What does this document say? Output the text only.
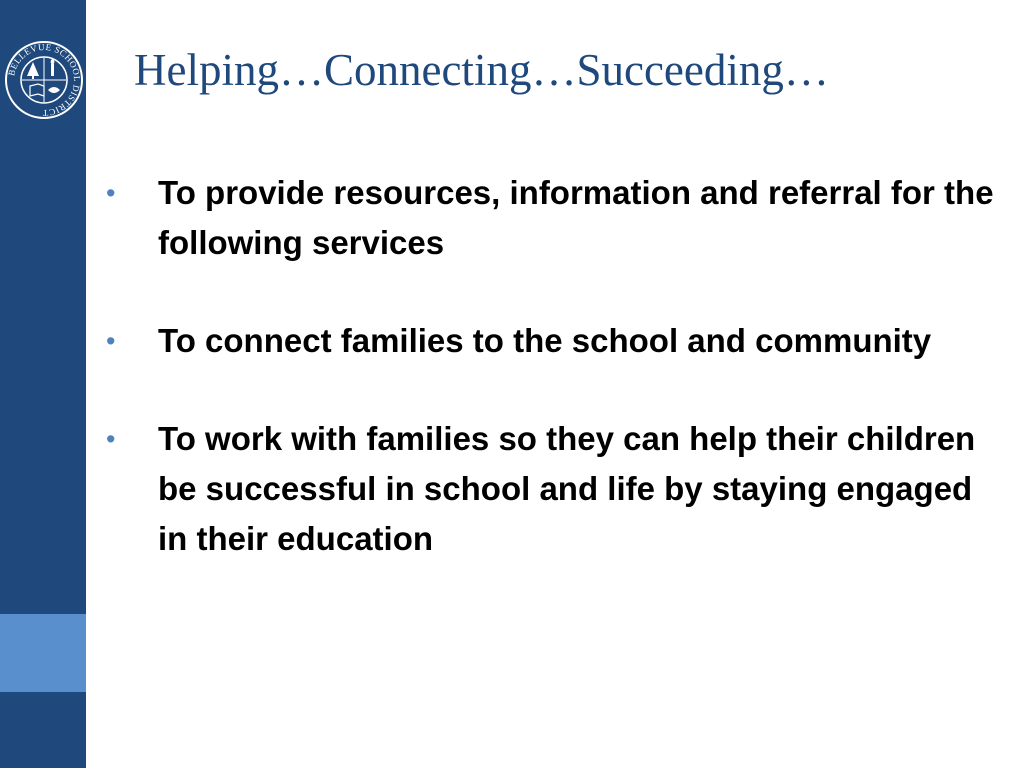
BELLEVUE SCHOOL DISTRICT
Helping…Connecting…Succeeding…
•	To provide resources, information and referral for the following services
•	To connect families to the school and community
•	To work with families so they can help their children be successful in school and life by staying engaged in their education
